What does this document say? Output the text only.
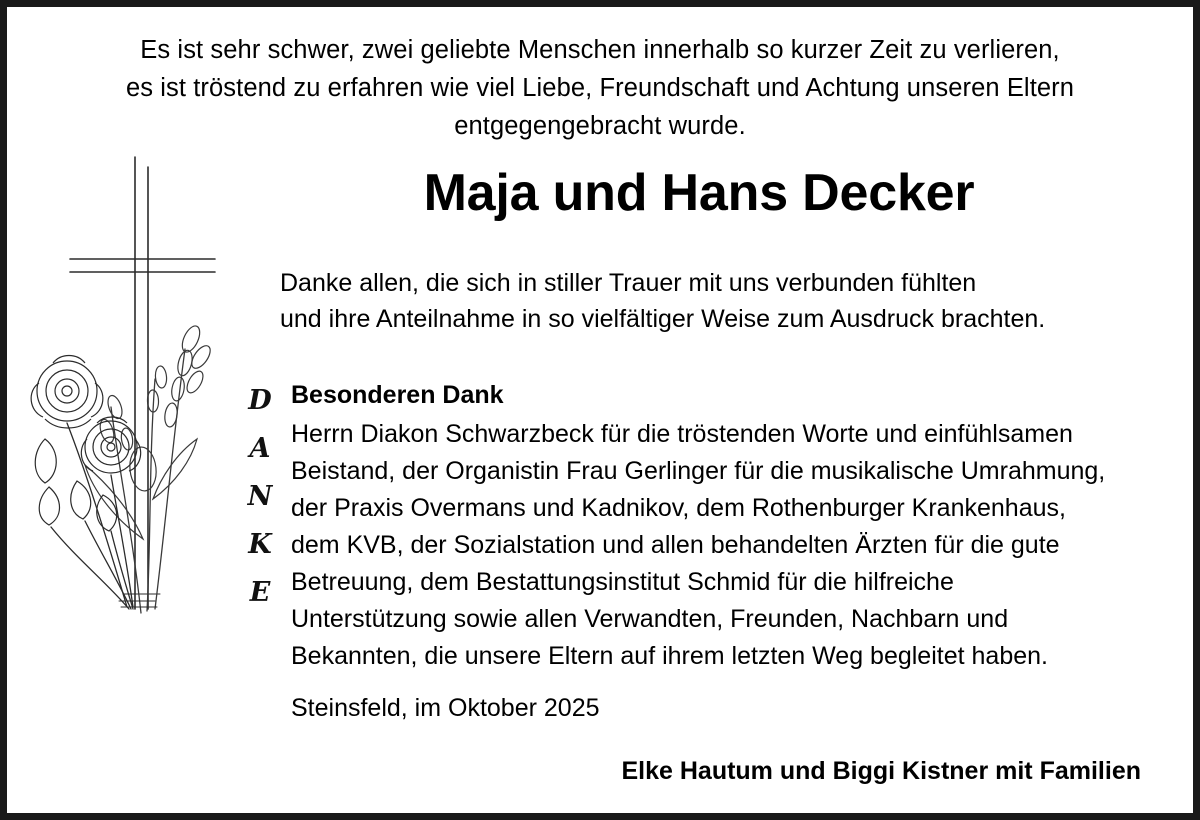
Es ist sehr schwer, zwei geliebte Menschen innerhalb so kurzer Zeit zu verlieren,
es ist tröstend zu erfahren wie viel Liebe, Freundschaft und Achtung unseren Eltern
entgegengebracht wurde.
Maja und Hans Decker
Danke allen, die sich in stiller Trauer mit uns verbunden fühlten
und ihre Anteilnahme in so vielfältiger Weise zum Ausdruck brachten.
D
A
N
K
E
Besonderen Dank
Herrn Diakon Schwarzbeck für die tröstenden Worte und einfühlsamen
Beistand, der Organistin Frau Gerlinger für die musikalische Umrahmung,
der Praxis Overmans und Kadnikov, dem Rothenburger Krankenhaus,
dem KVB, der Sozialstation und allen behandelten Ärzten für die gute
Betreuung, dem Bestattungsinstitut Schmid für die hilfreiche
Unterstützung sowie allen Verwandten, Freunden, Nachbarn und
Bekannten, die unsere Eltern auf ihrem letzten Weg begleitet haben.
Steinsfeld, im Oktober 2025
Elke Hautum und Biggi Kistner mit Familien
